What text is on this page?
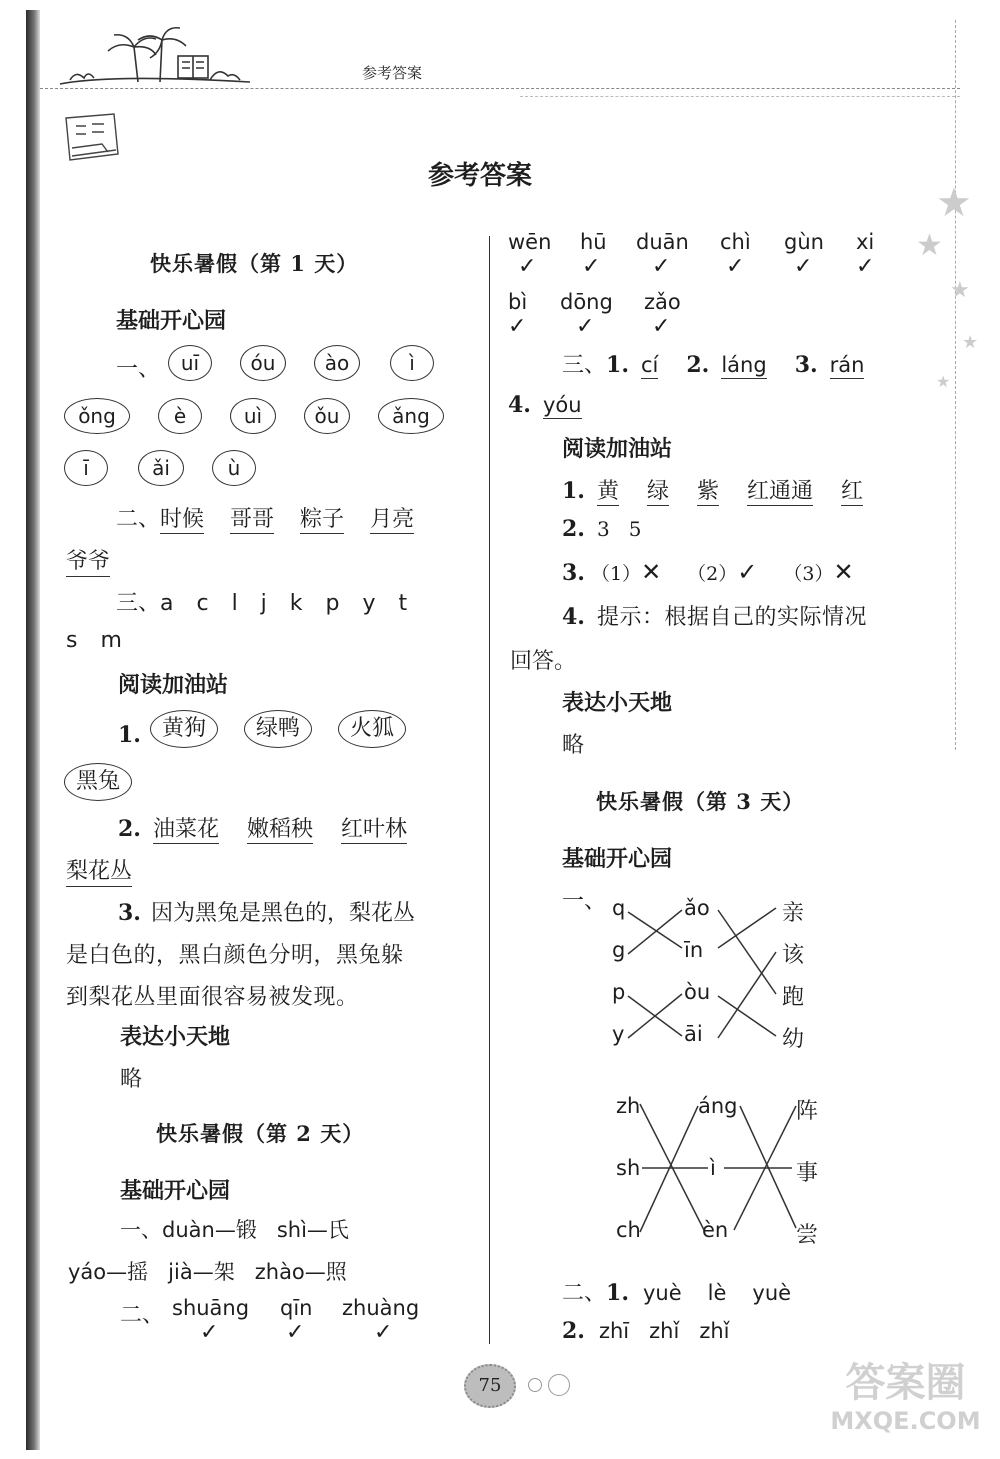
参考答案
★
★
★
★
★
参考答案
快乐暑假（第 1 天）
基础开心园
一、	uī	óu ào	ì
ǒng	è	uì	ǒu	ǎng
ī	ǎi	ù
二、时候 哥哥 粽子 月亮
爷爷
三、a  c  l  j  k  p  y  t
s  m
阅读加油站
1. 黄狗 绿鸭 火狐
黑兔
2. 油菜花 嫩稻秧 红叶林
梨花丛
3. 因为黑兔是黑色的，梨花丛
是白色的，黑白颜色分明，黑兔躲
到梨花丛里面很容易被发现。
表达小天地
略
快乐暑假（第 2 天）
基础开心园
一、duàn—锻   shì—氏
yáo—摇   jià—架   zhào—照
二、 shuāng qīn zhuàng
✓	✓	✓
wēn hū duān chì gùn xi
✓ ✓ ✓	✓ ✓ ✓
bì dōng zǎo
✓ ✓	✓
三、1. cí 2. láng 3. rán
4. yóu
阅读加油站
1. 黄 绿 紫 红通通 红
2. 3   5
3. （1）✕ （2）✓ （3）✕
4. 提示：根据自己的实际情况
回答。
表达小天地
略
快乐暑假（第 3 天）
基础开心园
一、 q
g
p
y
ǎo
īn
òu
āi
亲
该
跑
幼
zh
sh
ch
áng
ì
èn
阵
事
尝
二、1. yuè lè yuè
2. zhī zhǐ zhǐ
75	答案圈
MXQE.COM
